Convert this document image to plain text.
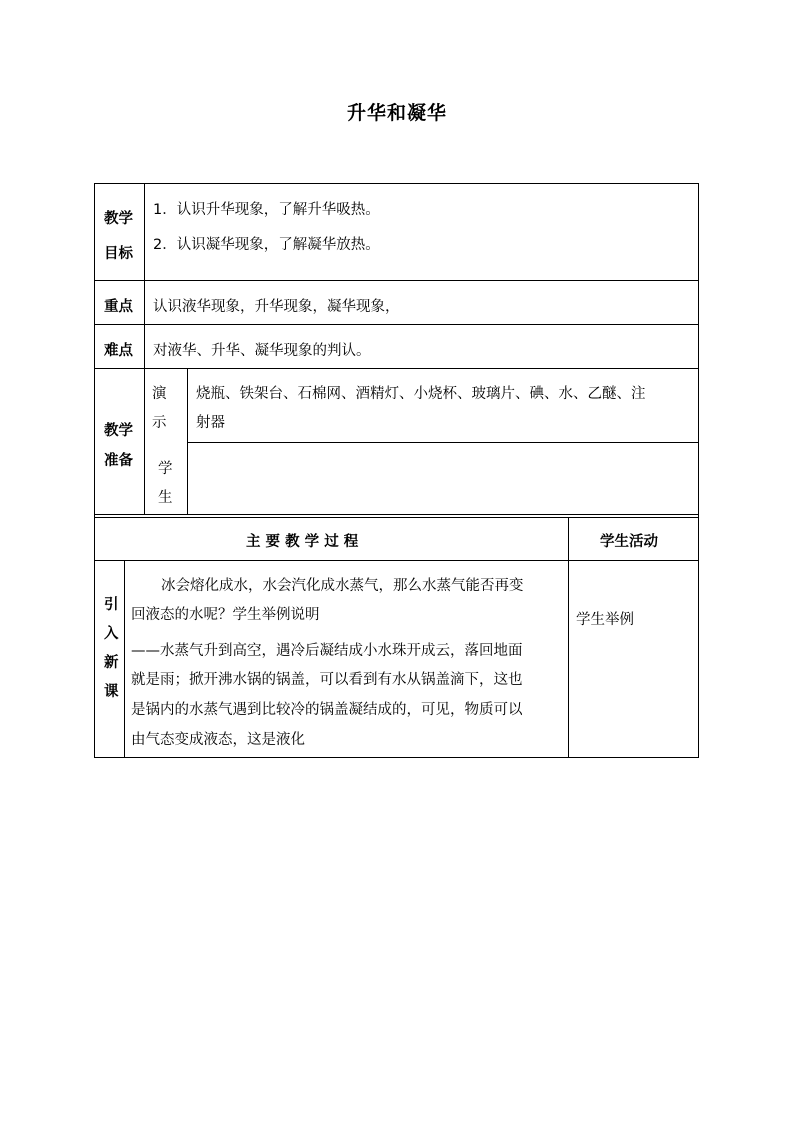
升华和凝华
教学
目标
1．认识升华现象，了解升华吸热。
2．认识凝华现象，了解凝华放热。
重点 认识液华现象，升华现象，凝华现象，
难点 对液华、升华、凝华现象的判认。
教学
准备
演
示
烧瓶、铁架台、石棉网、酒精灯、小烧杯、玻璃片、碘、水、乙醚、注
射器
学
生
主 要 教 学 过 程	学生活动
引
入
新
课
冰会熔化成水，水会汽化成水蒸气，那么水蒸气能否再变
回液态的水呢？学生举例说明
——水蒸气升到高空，遇冷后凝结成小水珠开成云，落回地面
就是雨；掀开沸水锅的锅盖，可以看到有水从锅盖滴下，这也
是锅内的水蒸气遇到比较冷的锅盖凝结成的，可见，物质可以
由气态变成液态，这是液化
学生举例
